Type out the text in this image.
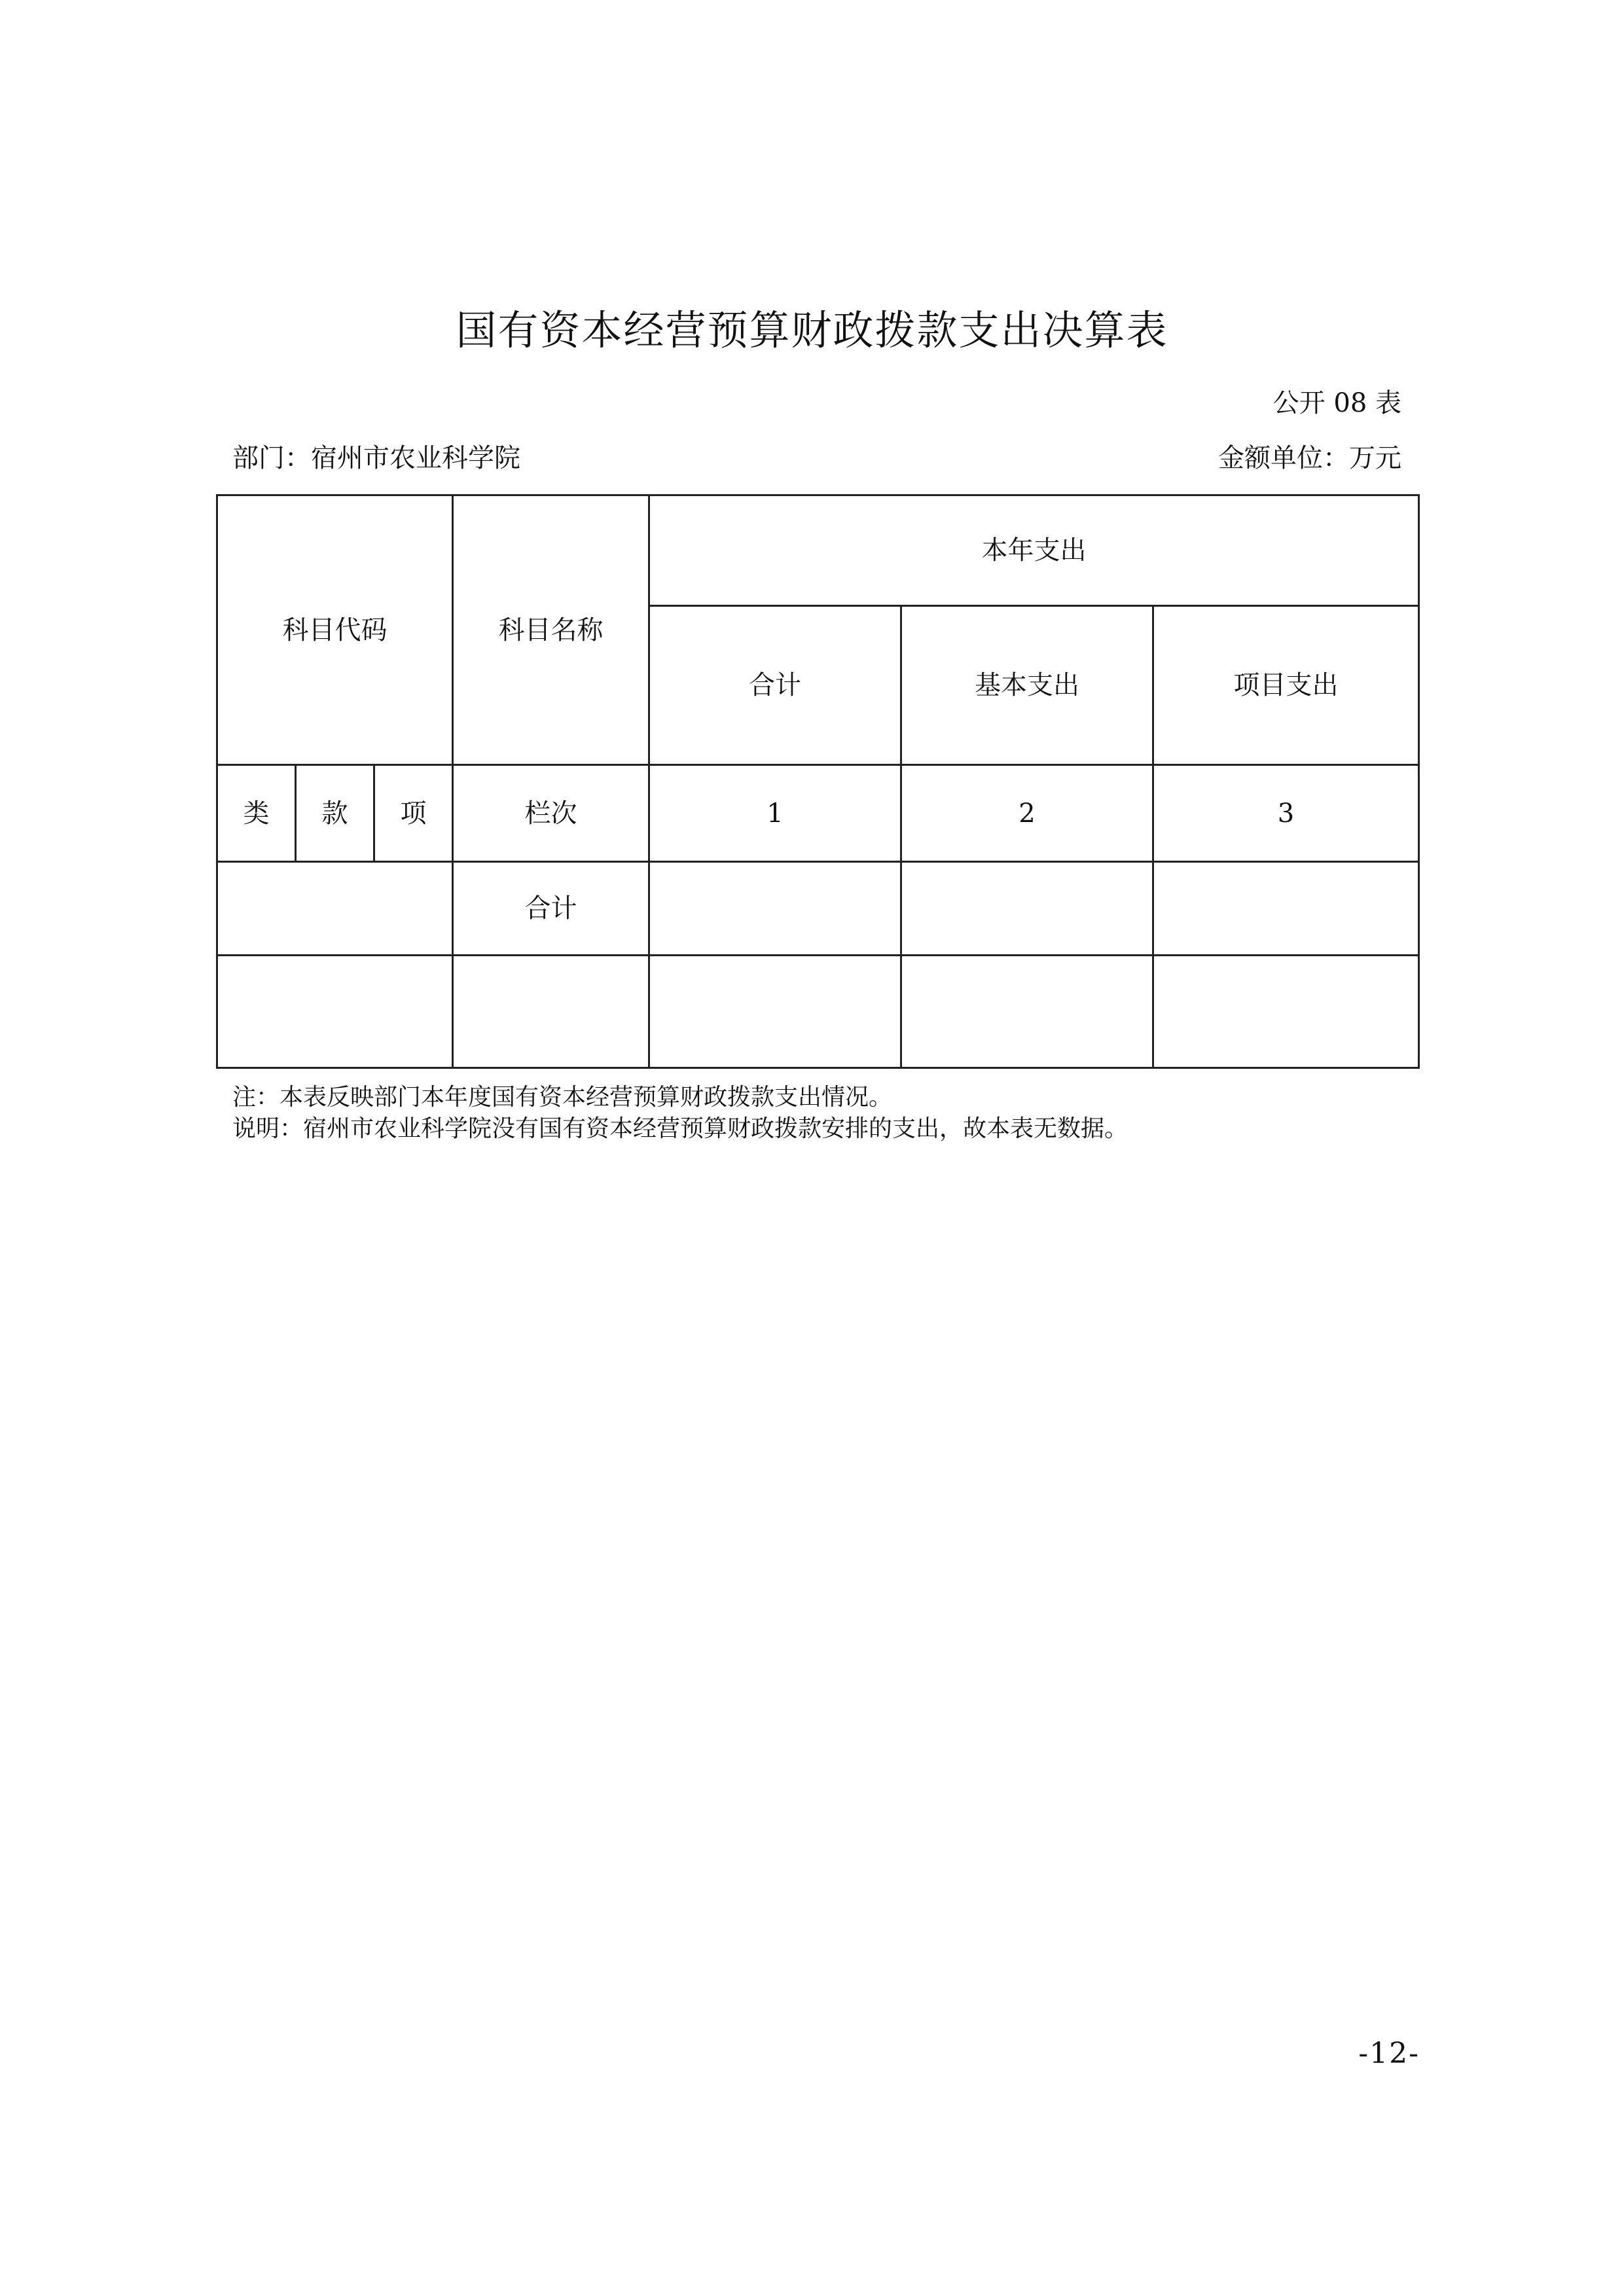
国有资本经营预算财政拨款支出决算表
公开 08 表
部门：宿州市农业科学院	金额单位：万元
科目代码			科目名称	本年支出		
				合计	基本支出	项目支出
类	款	项	栏次	1	2	3
			合计			

注：本表反映部门本年度国有资本经营预算财政拨款支出情况。
说明：宿州市农业科学院没有国有资本经营预算财政拨款安排的支出，故本表无数据。
-12-
